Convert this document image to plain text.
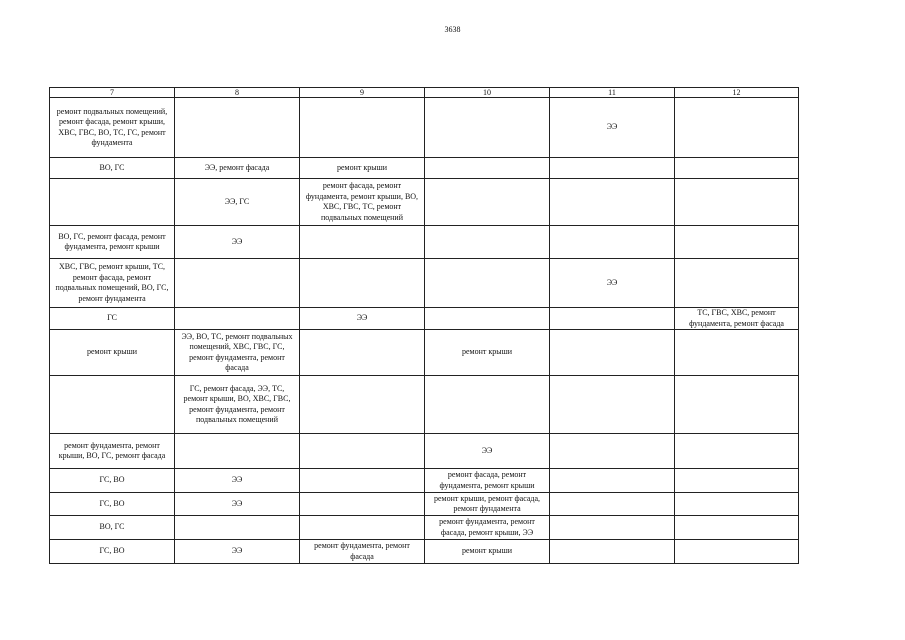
3638
7	8	9	10	11	12
ремонт подвальных помещений, ремонт фасада, ремонт крыши, ХВС, ГВС, ВО, ТС, ГС, ремонт фундамента				ЭЭ	
ВО, ГС	ЭЭ, ремонт фасада	ремонт крыши			
	ЭЭ, ГС	ремонт фасада, ремонт фундамента, ремонт крыши, ВО, ХВС, ГВС, ТС, ремонт подвальных помещений			
ВО, ГС, ремонт фасада, ремонт фундамента, ремонт крыши	ЭЭ				
ХВС, ГВС, ремонт крыши, ТС, ремонт фасада, ремонт подвальных помещений, ВО, ГС, ремонт фундамента				ЭЭ	
ГС		ЭЭ			ТС, ГВС, ХВС, ремонт фундамента, ремонт фасада
ремонт крыши	ЭЭ, ВО, ТС, ремонт подвальных помещений, ХВС, ГВС, ГС, ремонт фундамента, ремонт фасада		ремонт крыши		
	ГС, ремонт фасада, ЭЭ, ТС, ремонт крыши, ВО, ХВС, ГВС, ремонт фундамента, ремонт подвальных помещений				
ремонт фундамента, ремонт крыши, ВО, ГС, ремонт фасада			ЭЭ		
ГС, ВО	ЭЭ		ремонт фасада, ремонт фундамента, ремонт крыши		
ГС, ВО	ЭЭ		ремонт крыши, ремонт фасада, ремонт фундамента		
ВО, ГС			ремонт фундамента, ремонт фасада, ремонт крыши, ЭЭ		
ГС, ВО	ЭЭ	ремонт фундамента, ремонт фасада	ремонт крыши		
